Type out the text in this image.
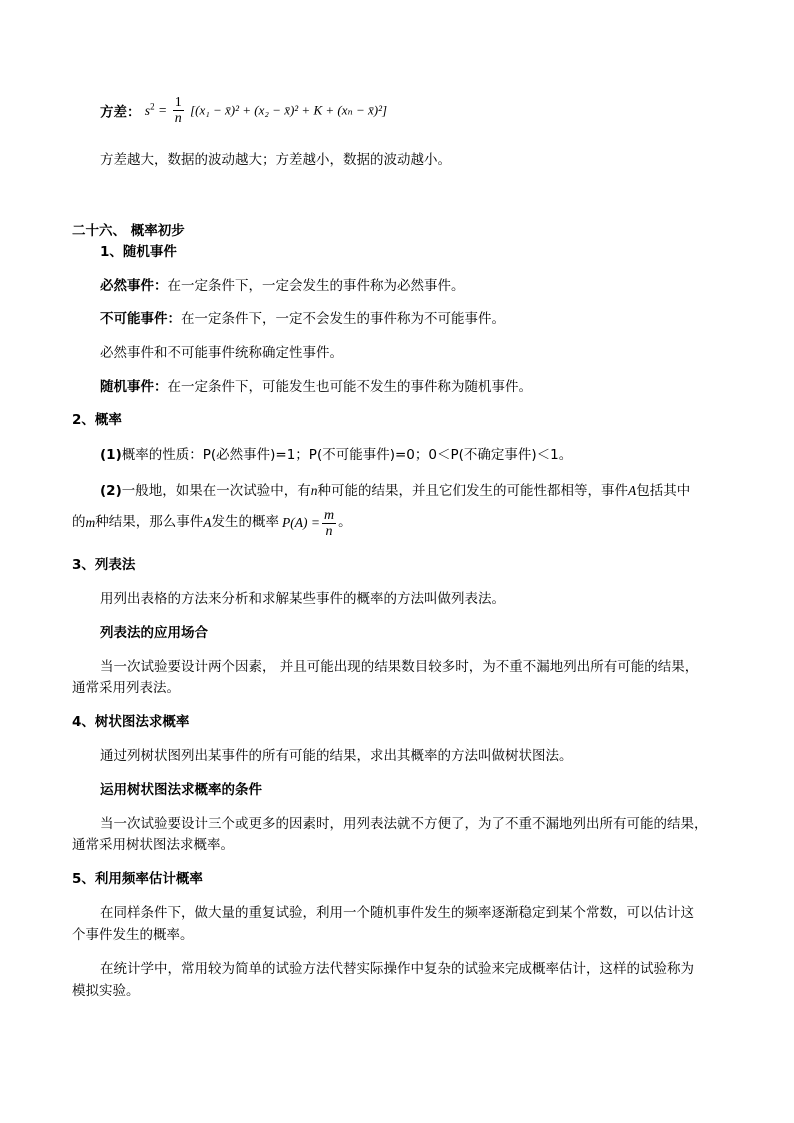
方差： $s^2 = \frac{1}{n} [(x_1$ − x̄)² + (x₂ − x̄)² + K + (xₙ − x̄)²]
方差越大，数据的波动越大；方差越小，数据的波动越小。
二十六、 概率初步
1、随机事件
必然事件：在一定条件下，一定会发生的事件称为必然事件。
不可能事件：在一定条件下，一定不会发生的事件称为不可能事件。
必然事件和不可能事件统称确定性事件。
随机事件：在一定条件下，可能发生也可能不发生的事件称为随机事件。
2、概率
(1)概率的性质：P(必然事件)=1；P(不可能事件)=0；0＜P(不确定事件)＜1。
(2)一般地，如果在一次试验中，有n种可能的结果，并且它们发生的可能性都相等，事件A包括其中
的 m 种结果，那么事件 A 发生的概率 $P(A) = \frac{m}{n}$ 。
3、列表法
用列出表格的方法来分析和求解某些事件的概率的方法叫做列表法。
列表法的应用场合
当一次试验要设计两个因素， 并且可能出现的结果数目较多时，为不重不漏地列出所有可能的结果，
通常采用列表法。
4、树状图法求概率
通过列树状图列出某事件的所有可能的结果，求出其概率的方法叫做树状图法。
运用树状图法求概率的条件
当一次试验要设计三个或更多的因素时，用列表法就不方便了，为了不重不漏地列出所有可能的结果，
通常采用树状图法求概率。
5、利用频率估计概率
在同样条件下，做大量的重复试验，利用一个随机事件发生的频率逐渐稳定到某个常数，可以估计这
个事件发生的概率。
在统计学中，常用较为简单的试验方法代替实际操作中复杂的试验来完成概率估计，这样的试验称为
模拟实验。
